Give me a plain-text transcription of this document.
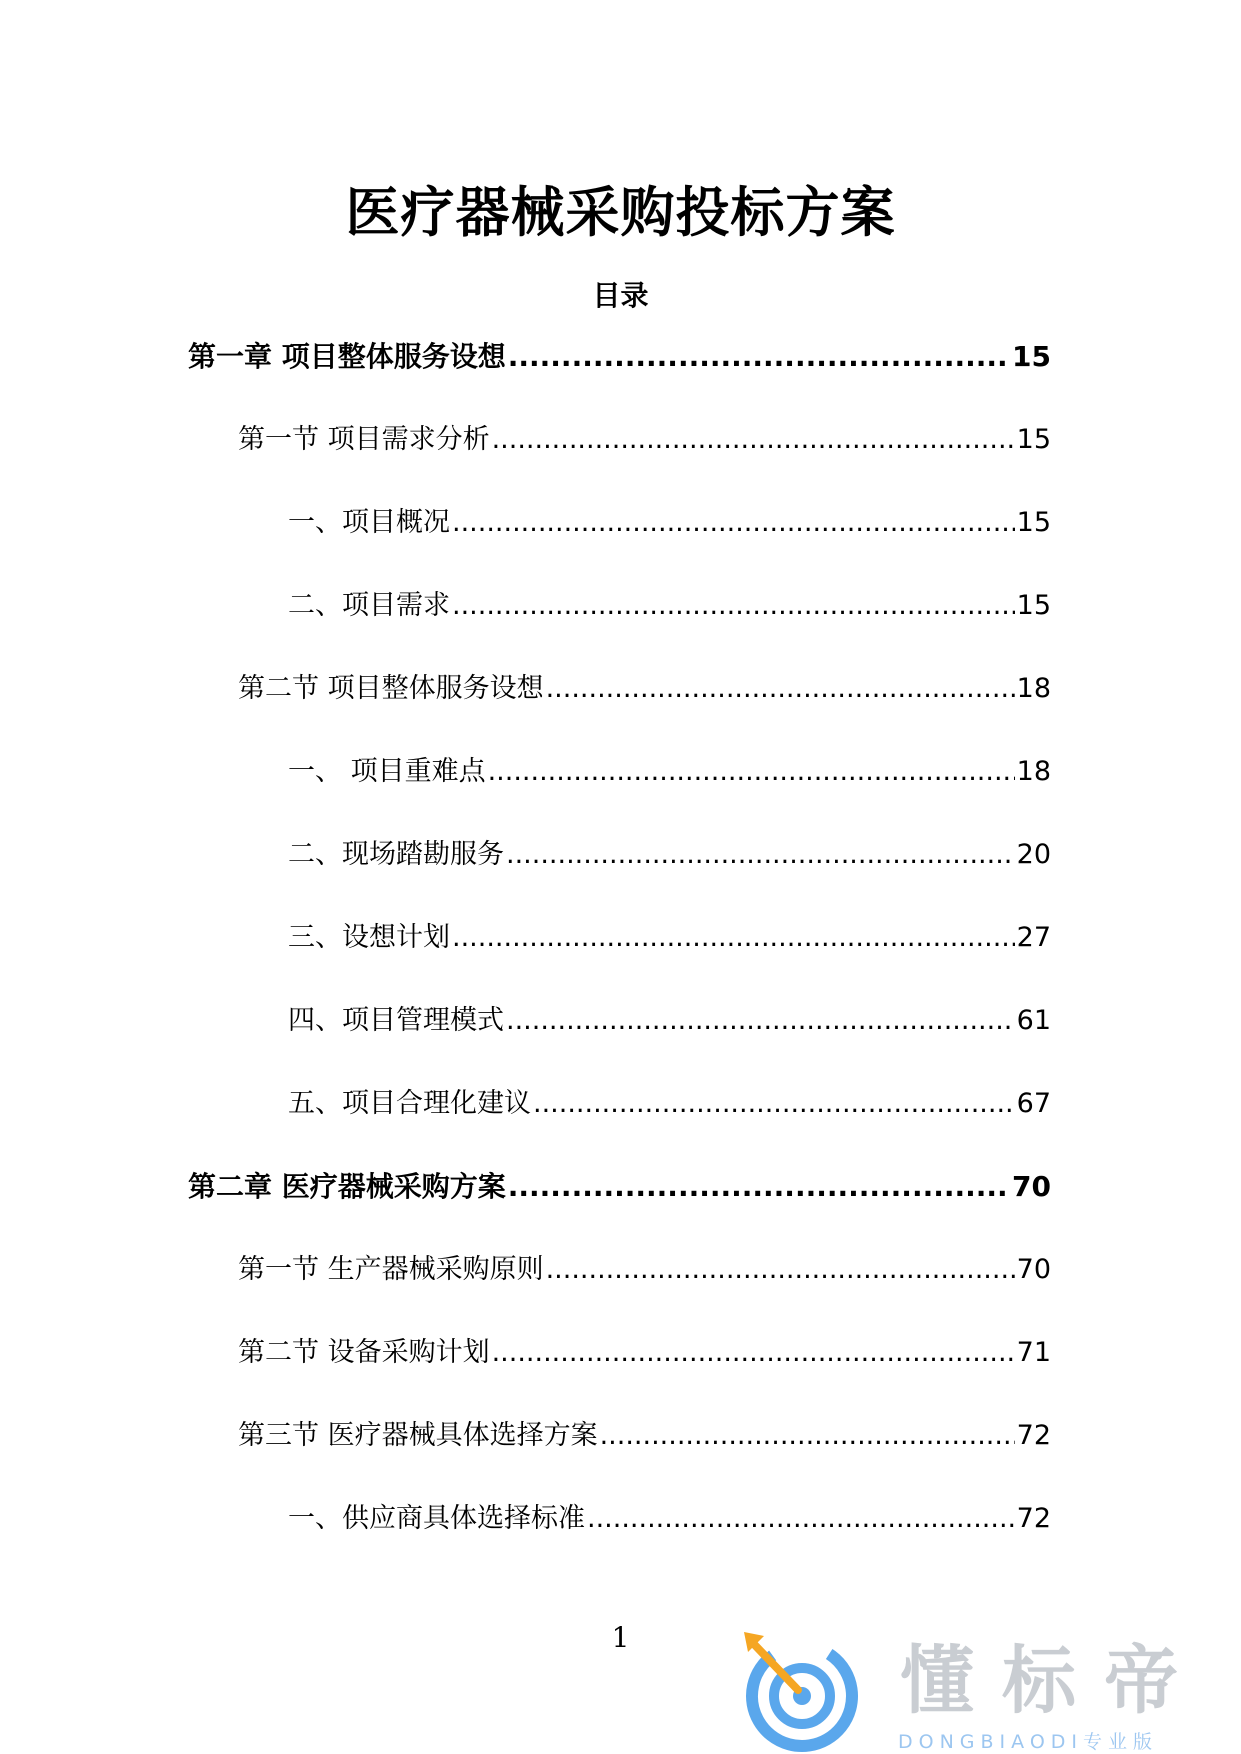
医疗器械采购投标方案
目录
第一章 项目整体服务设想 .....	15
第一节 项目需求分析 .....	15
一、项目概况 .....	15
二、项目需求 .....	15
第二节 项目整体服务设想 .....	18
一、 项目重难点 .....	18
二、现场踏勘服务 .....	20
三、设想计划 .....	27
四、项目管理模式 .....	61
五、项目合理化建议 .....	67
第二章 医疗器械采购方案 .....	70
第一节 生产器械采购原则 .....	70
第二节 设备采购计划 .....	71
第三节 医疗器械具体选择方案 .....	72
一、供应商具体选择标准 .....	72
1
懂标帝
DONGBIAODI专业版
